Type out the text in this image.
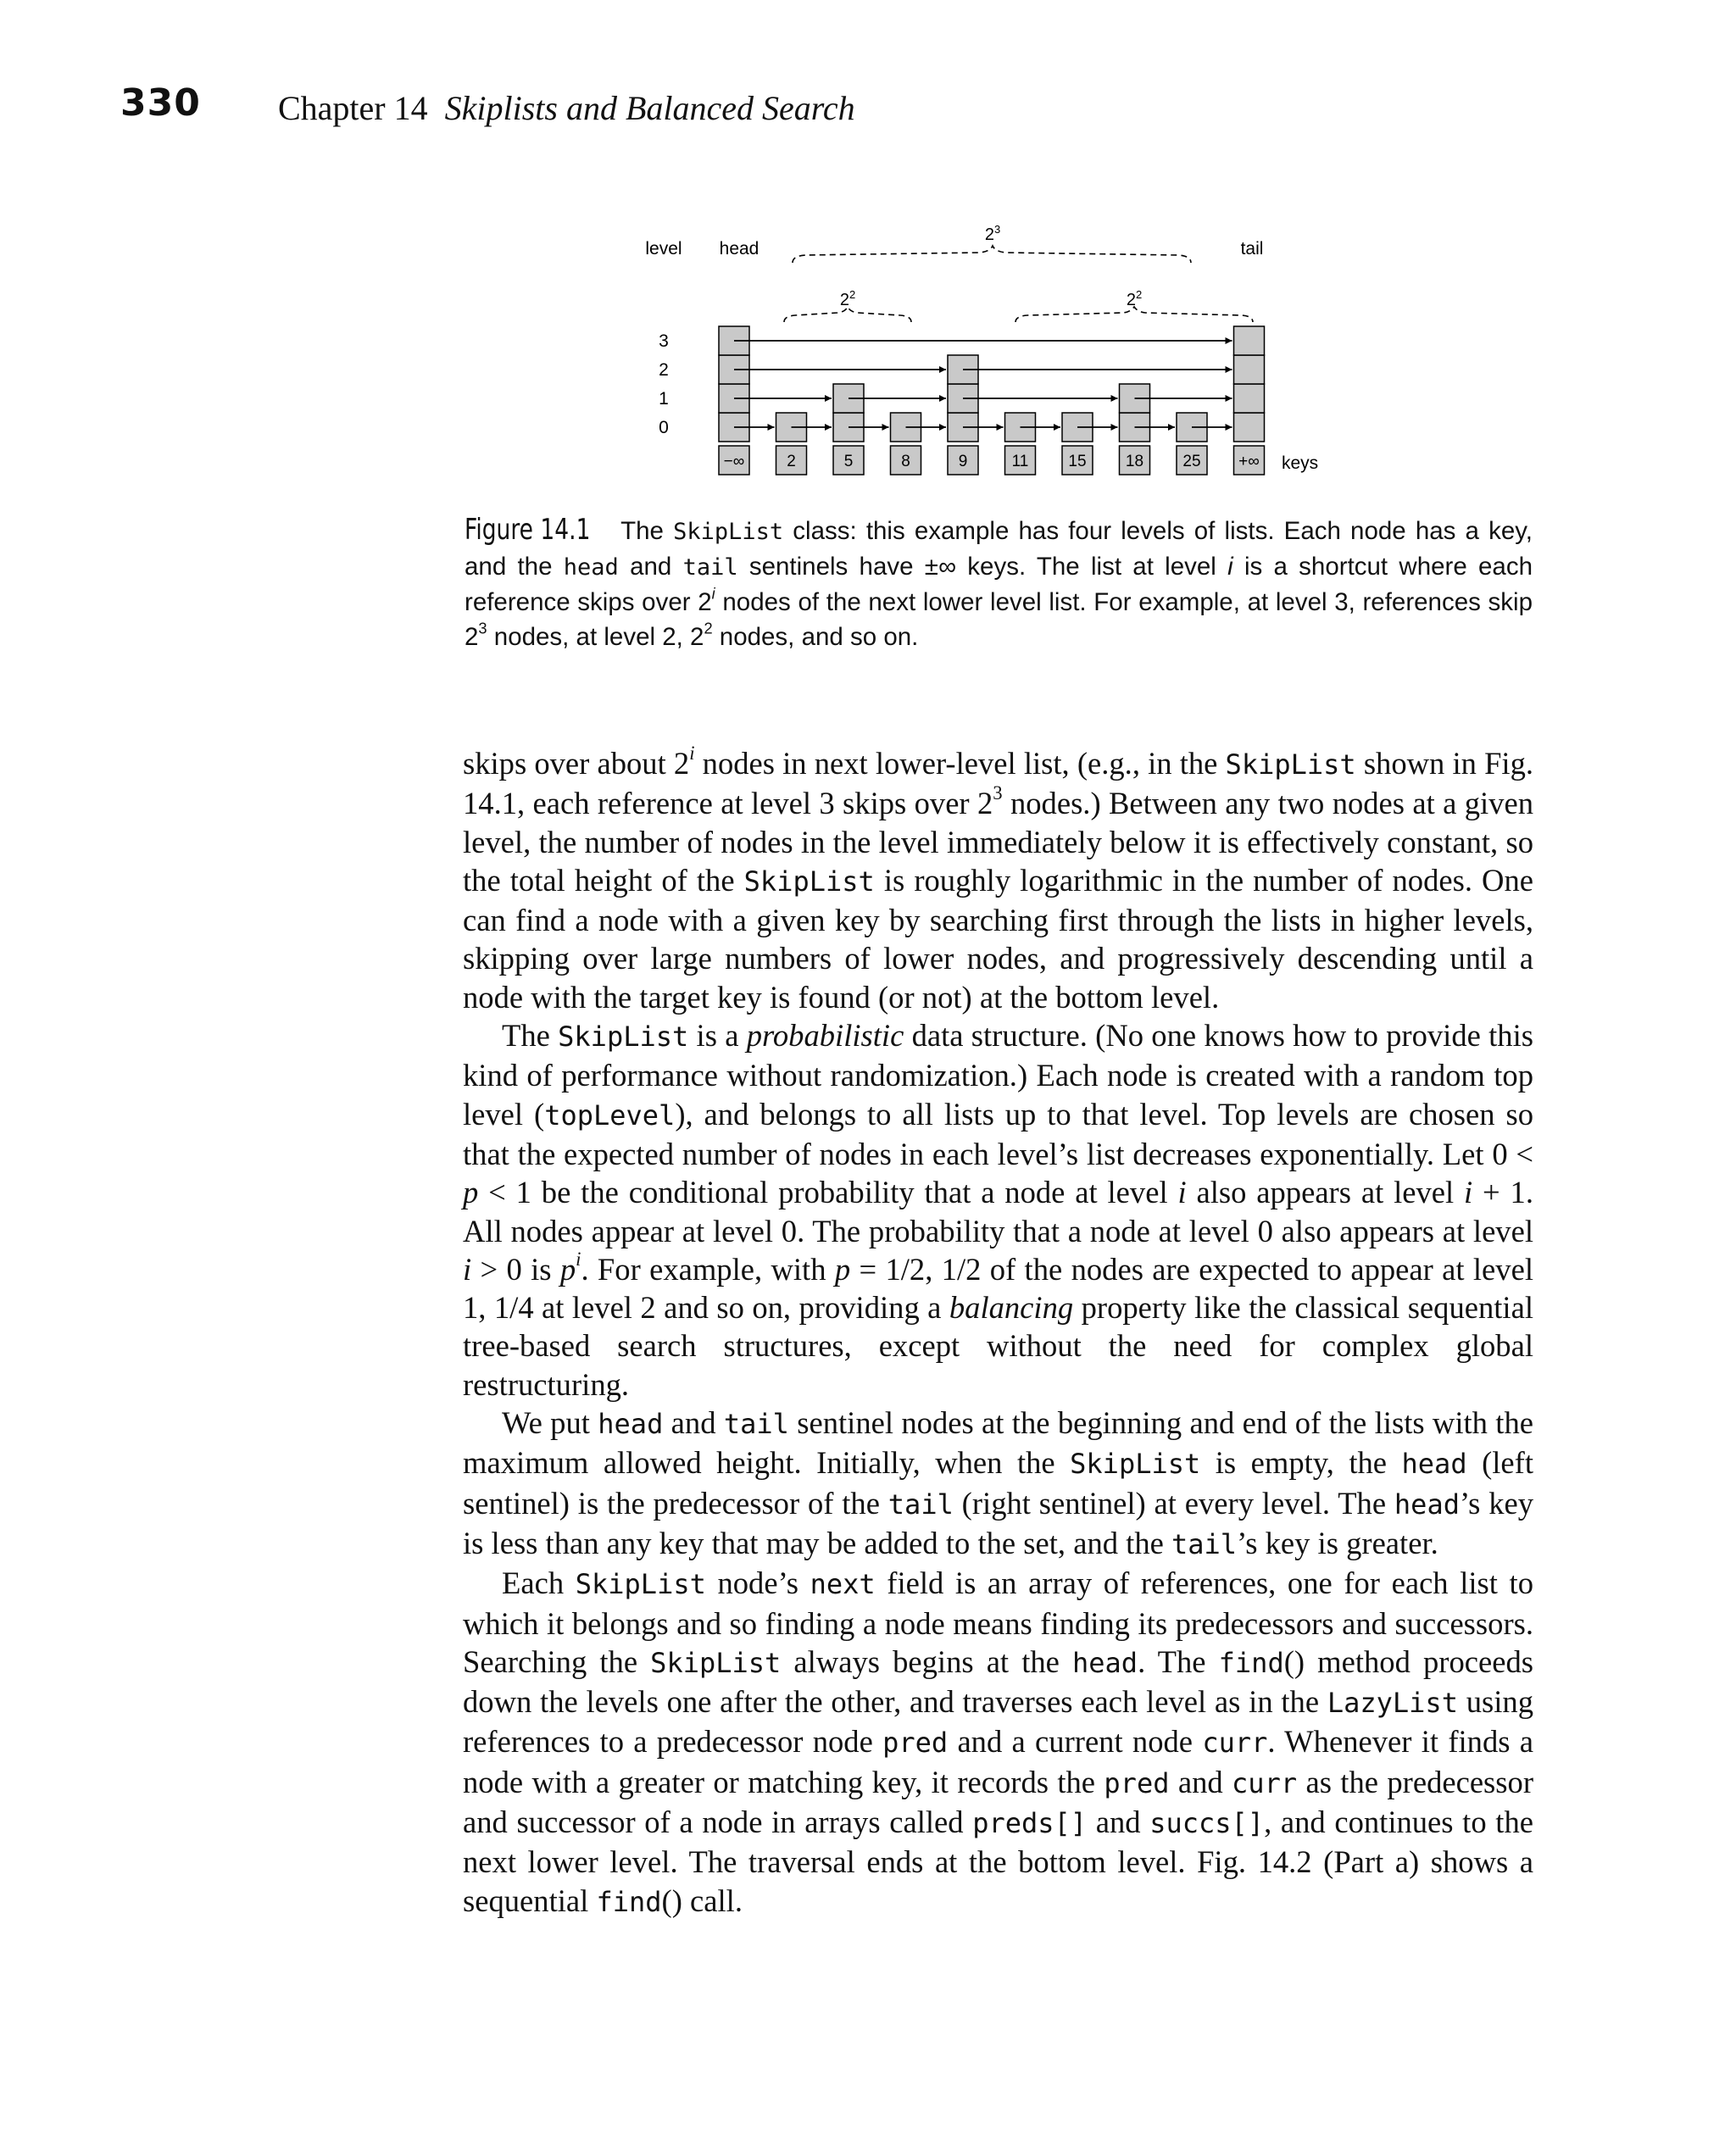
330 Chapter 14 Skiplists and Balanced Search
level head	tail
keys
$2^3$
$2^2$	$2^2$
3
2
1
0
−∞	2	5	8	9	11 15 18 25 +∞
Figure 14.1 The SkipList class: this example has four levels of lists. Each node has a key, and the head and tail sentinels have ±∞ keys. The list at level i is a shortcut where each reference skips over 2$^i$ nodes of the next lower level list. For example, at level 3, references skip $2^3$ nodes, at level 2, $2^2$ nodes, and so on.

skips over about 2$^i$ nodes in next lower-level list, (e.g., in the SkipList shown in Fig. 14.1, each reference at level 3 skips over $2^3$ nodes.) Between any two nodes at a given level, the number of nodes in the level immediately below it is effectively constant, so the total height of the SkipList is roughly logarithmic in the number of nodes. One can find a node with a given key by searching first through the lists in higher levels, skipping over large numbers of lower nodes, and progressively descending until a node with the target key is found (or not) at the bottom level.

The SkipList is a probabilistic data structure. (No one knows how to provide this kind of performance without randomization.) Each node is created with a random top level (topLevel), and belongs to all lists up to that level. Top levels are chosen so that the expected number of nodes in each level’s list decreases exponentially. Let 0 < p < 1 be the conditional probability that a node at level i also appears at level i + 1. All nodes appear at level 0. The probability that a node at level 0 also appears at level i > 0 is $p^i$. For example, with p = 1/2, 1/2 of the nodes are expected to appear at level 1, 1/4 at level 2 and so on, providing a balancing property like the classical sequential tree-based search structures, except without the need for complex global restructuring.

We put head and tail sentinel nodes at the beginning and end of the lists with the maximum allowed height. Initially, when the SkipList is empty, the head (left sentinel) is the predecessor of the tail (right sentinel) at every level. The head’s key is less than any key that may be added to the set, and the tail’s key is greater.

Each SkipList node’s next field is an array of references, one for each list to which it belongs and so finding a node means finding its predecessors and successors. Searching the SkipList always begins at the head. The find() method proceeds down the levels one after the other, and traverses each level as in the LazyList using references to a predecessor node pred and a current node curr. Whenever it finds a node with a greater or matching key, it records the pred and curr as the predecessor and successor of a node in arrays called preds[] and succs[], and continues to the next lower level. The traversal ends at the bottom level. Fig. 14.2 (Part a) shows a sequential find() call.
